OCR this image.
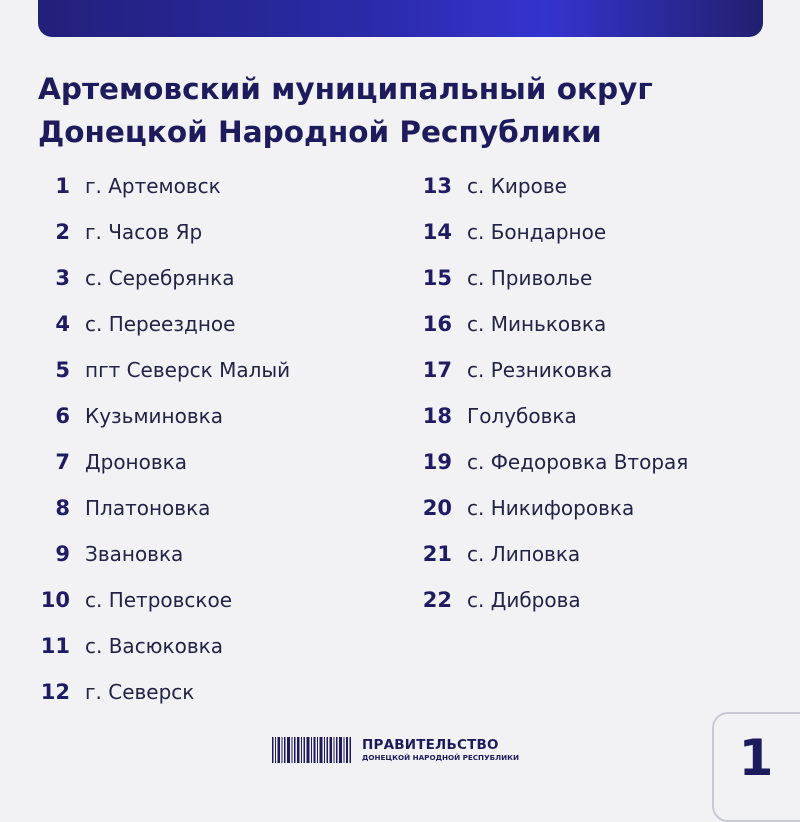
Артемовский муниципальный округ
Донецкой Народной Республики
1 г. Артемовск
2 г. Часов Яр
3 с. Серебрянка
4 с. Переездное
5 пгт Северск Малый
6 Кузьминовка
7 Дроновка
8 Платоновка
9 Звановка
10 с. Петровское
11 с. Васюковка
12 г. Северск
13 с. Кирове
14 с. Бондарное
15 с. Приволье
16 с. Миньковка
17 с. Резниковка
18 Голубовка
19 с. Федоровка Вторая
20 с. Никифоровка
21 с. Липовка
22 с. Диброва
ПРАВИТЕЛЬСТВО
ДОНЕЦКОЙ НАРОДНОЙ РЕСПУБЛИКИ	1
